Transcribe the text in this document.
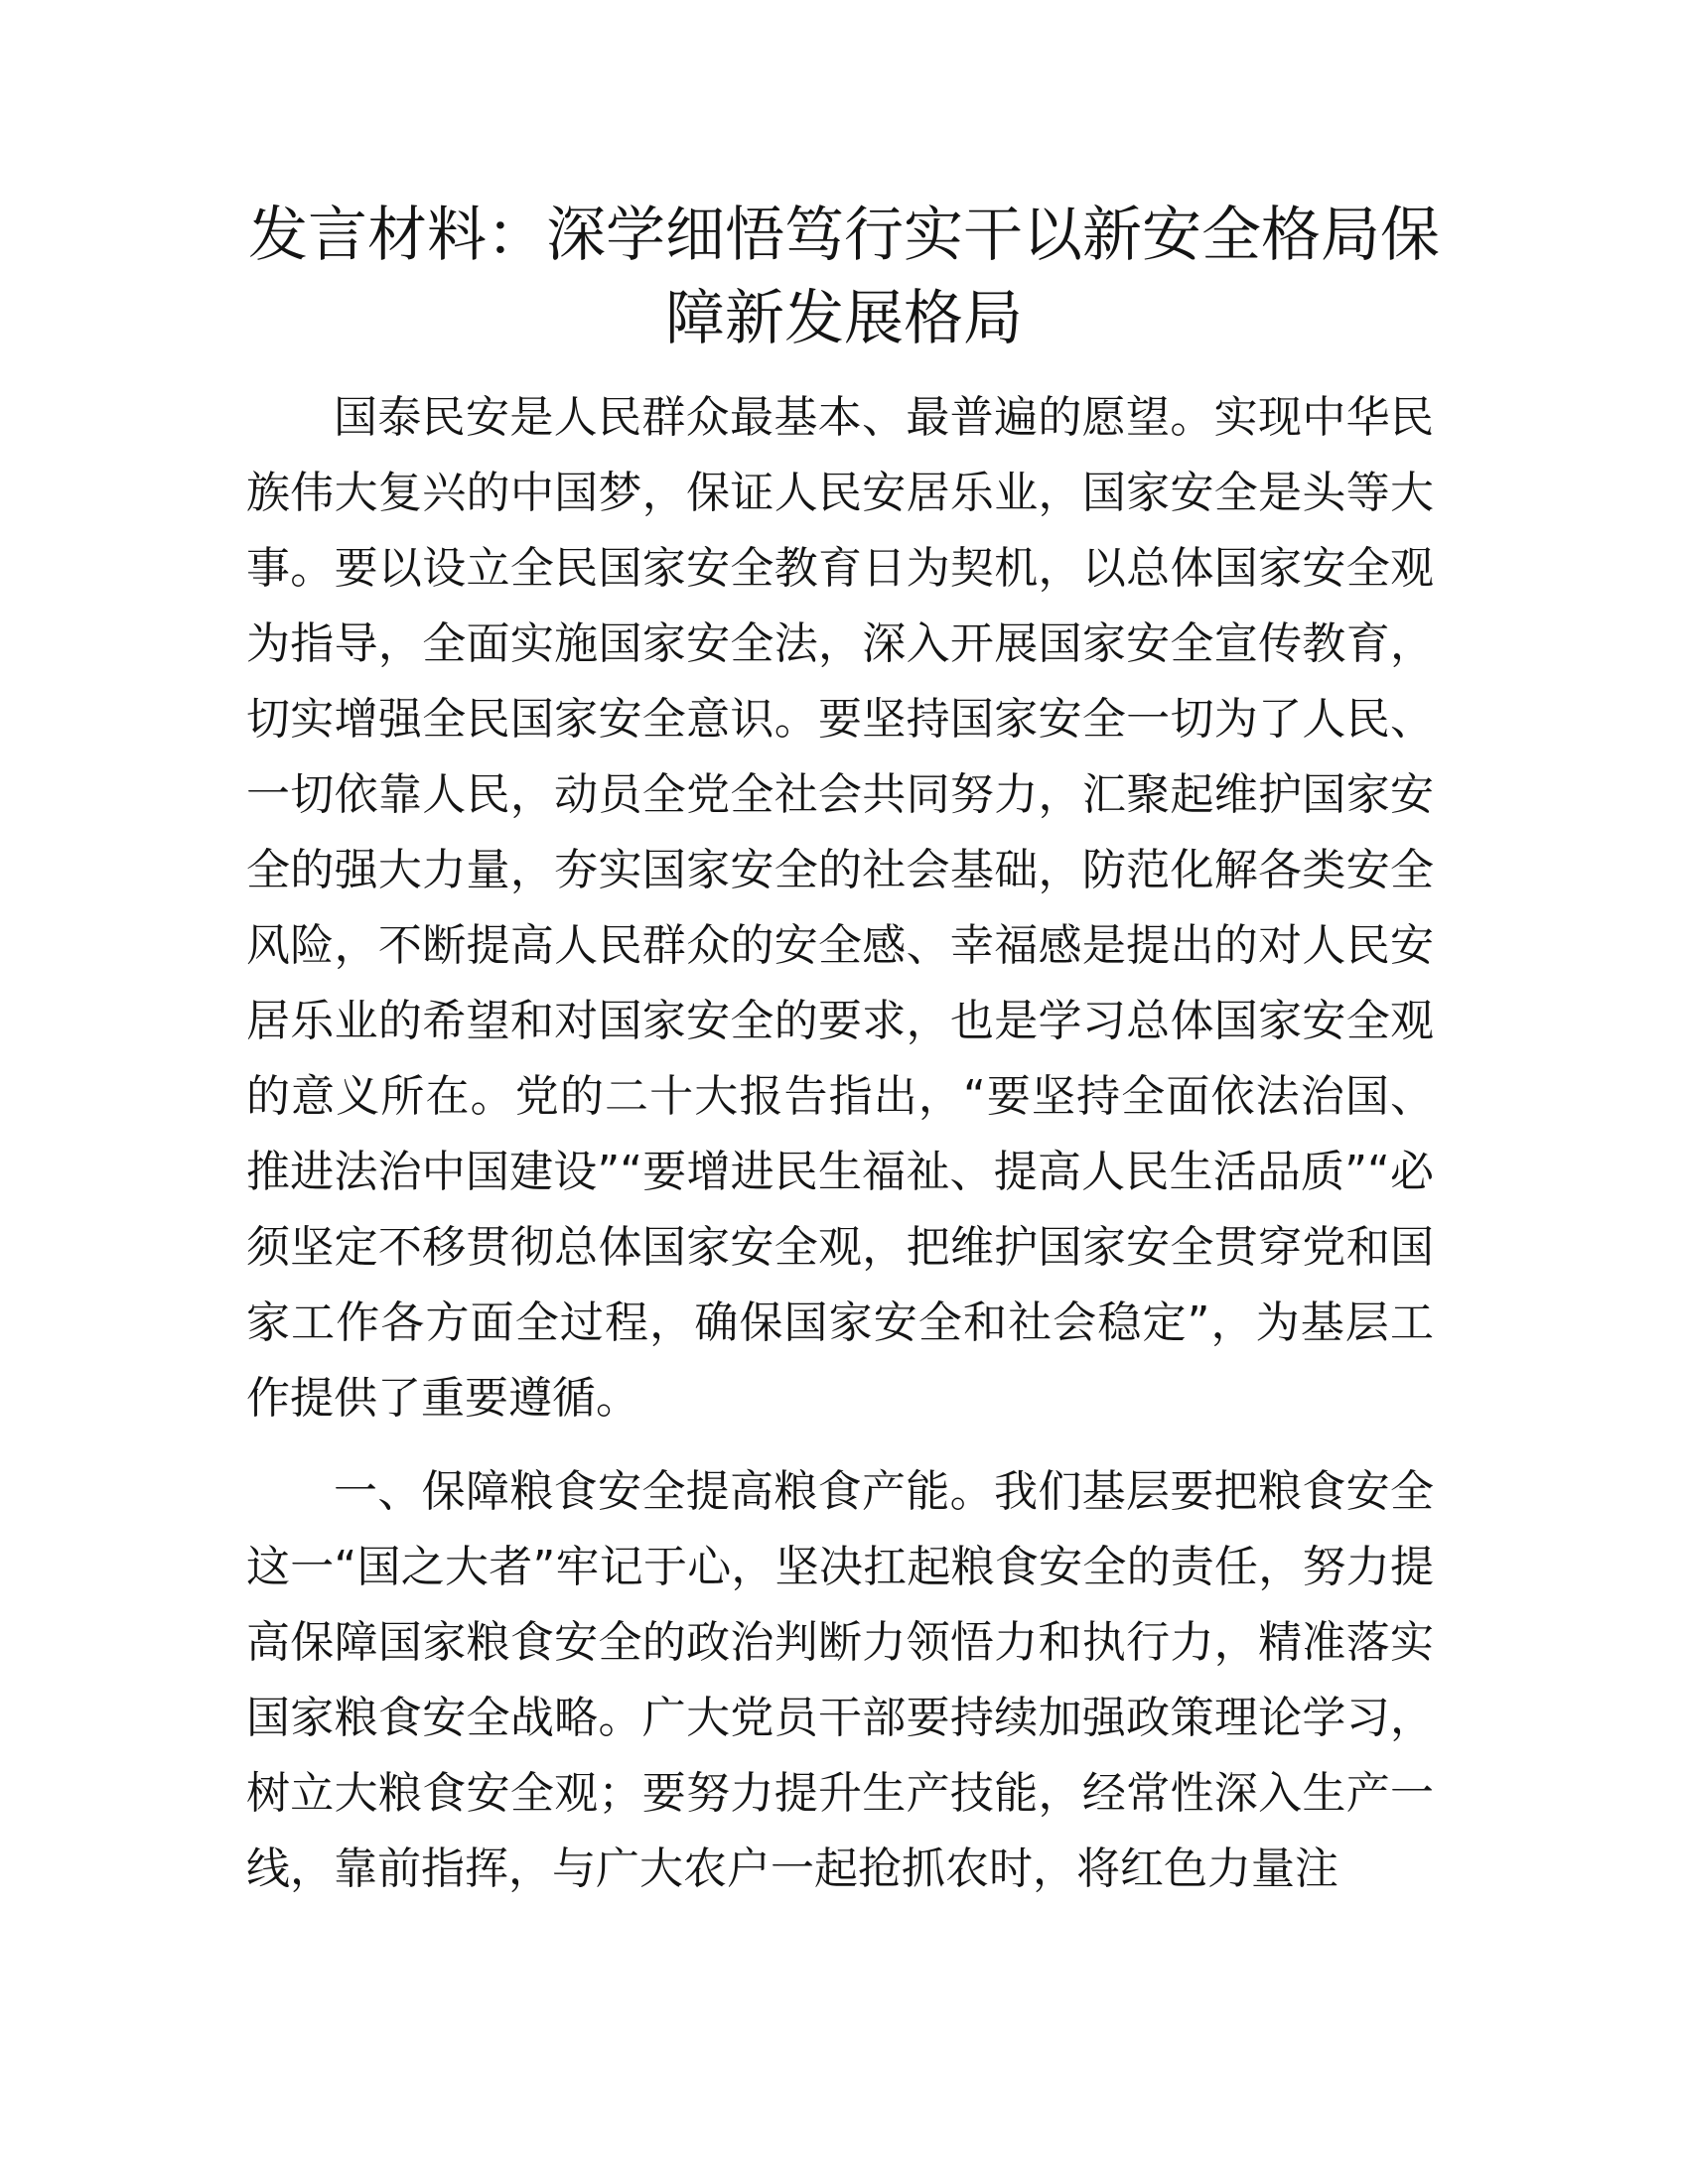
发言材料：深学细悟笃行实干以新安全格局保
障新发展格局

国泰民安是人民群众最基本、最普遍的愿望。实现中华民族伟大复兴的中国梦，保证人民安居乐业，国家安全是头等大事。要以设立全民国家安全教育日为契机，以总体国家安全观为指导，全面实施国家安全法，深入开展国家安全宣传教育，切实增强全民国家安全意识。要坚持国家安全一切为了人民、一切依靠人民，动员全党全社会共同努力，汇聚起维护国家安全的强大力量，夯实国家安全的社会基础，防范化解各类安全风险，不断提高人民群众的安全感、幸福感是提出的对人民安居乐业的希望和对国家安全的要求，也是学习总体国家安全观的意义所在。党的二十大报告指出，“要坚持全面依法治国、推进法治中国建设”“要增进民生福祉、提高人民生活品质”“必须坚定不移贯彻总体国家安全观，把维护国家安全贯穿党和国家工作各方面全过程，确保国家安全和社会稳定”，为基层工作提供了重要遵循。

一、保障粮食安全提高粮食产能。我们基层要把粮食安全这一“国之大者”牢记于心，坚决扛起粮食安全的责任，努力提高保障国家粮食安全的政治判断力领悟力和执行力，精准落实国家粮食安全战略。广大党员干部要持续加强政策理论学习，树立大粮食安全观；要努力提升生产技能，经常性深入生产一线，靠前指挥，与广大农户一起抢抓农时，将红色力量注
